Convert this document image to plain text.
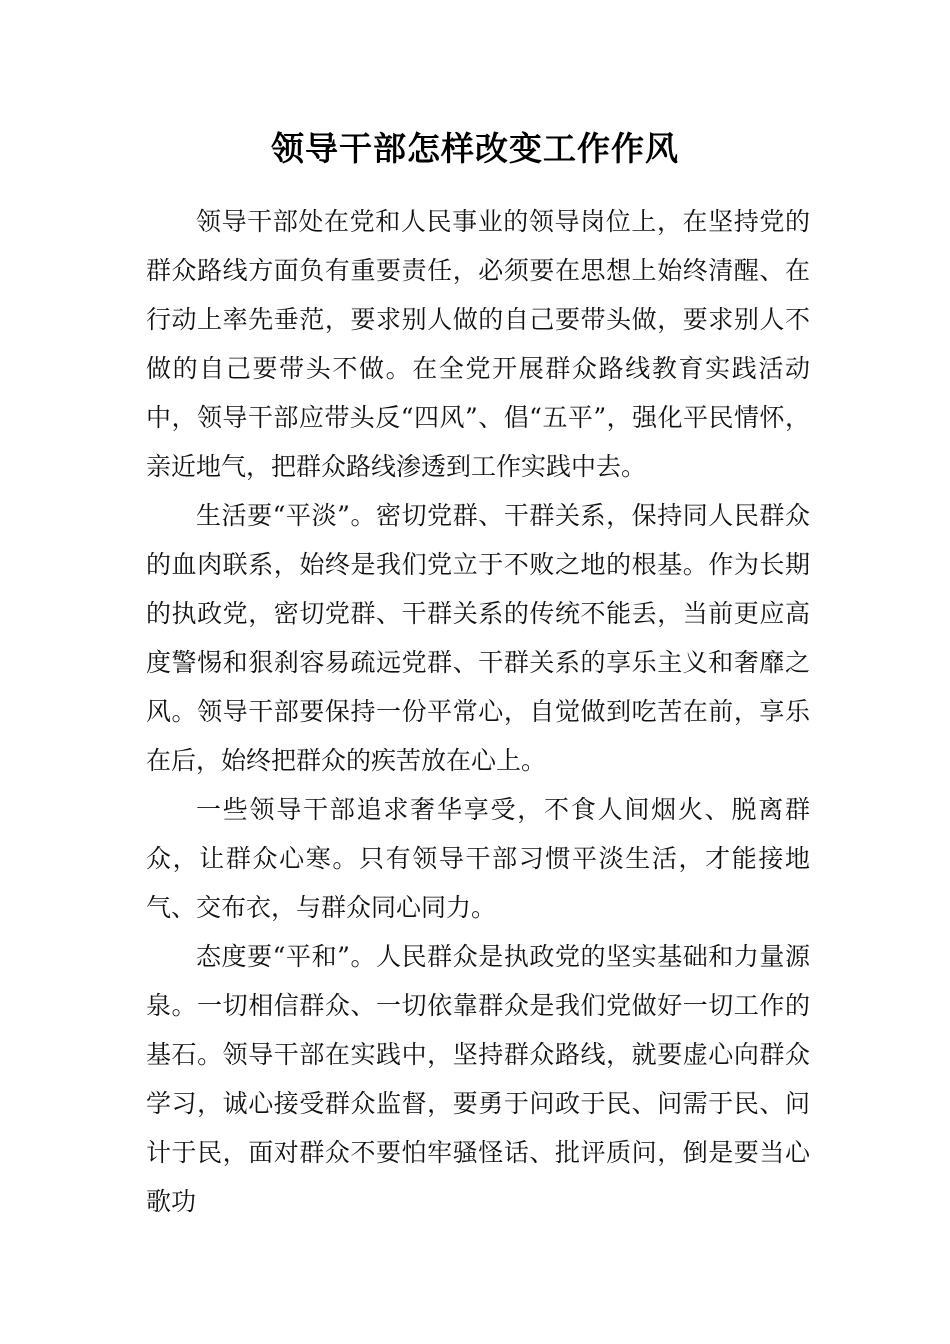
领导干部怎样改变工作作风

领导干部处在党和人民事业的领导岗位上，在坚持党的群众路线方面负有重要责任，必须要在思想上始终清醒、在行动上率先垂范，要求别人做的自己要带头做，要求别人不做的自己要带头不做。在全党开展群众路线教育实践活动中，领导干部应带头反“四风”、倡“五平”，强化平民情怀，亲近地气，把群众路线渗透到工作实践中去。

生活要“平淡”。密切党群、干群关系，保持同人民群众的血肉联系，始终是我们党立于不败之地的根基。作为长期的执政党，密切党群、干群关系的传统不能丢，当前更应高度警惕和狠刹容易疏远党群、干群关系的享乐主义和奢靡之风。领导干部要保持一份平常心，自觉做到吃苦在前，享乐在后，始终把群众的疾苦放在心上。

一些领导干部追求奢华享受，不食人间烟火、脱离群众，让群众心寒。只有领导干部习惯平淡生活，才能接地气、交布衣，与群众同心同力。

态度要“平和”。人民群众是执政党的坚实基础和力量源泉。一切相信群众、一切依靠群众是我们党做好一切工作的基石。领导干部在实践中，坚持群众路线，就要虚心向群众学习，诚心接受群众监督，要勇于问政于民、问需于民、问计于民，面对群众不要怕牢骚怪话、批评质问，倒是要当心歌功
